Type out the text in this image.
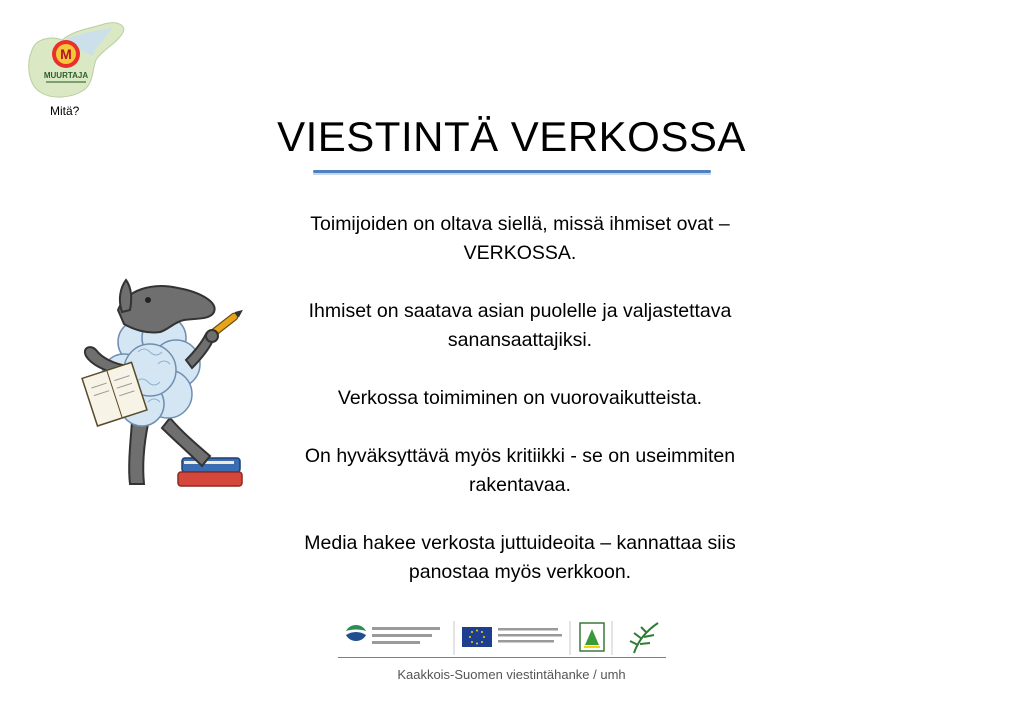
M
MUURTAJA
Mitä?
VIESTINTÄ VERKOSSA

Toimijoiden on oltava siellä, missä ihmiset ovat – VERKOSSA.

Ihmiset on saatava asian puolelle ja valjastettava sanansaattajiksi.

Verkossa toimiminen on vuorovaikutteista.

On hyväksyttävä myös kritiikki - se on useimmiten rakentavaa.

Media hakee verkosta juttuideoita – kannattaa siis panostaa myös verkkoon.

Kaakkois-Suomen viestintähanke / umh
